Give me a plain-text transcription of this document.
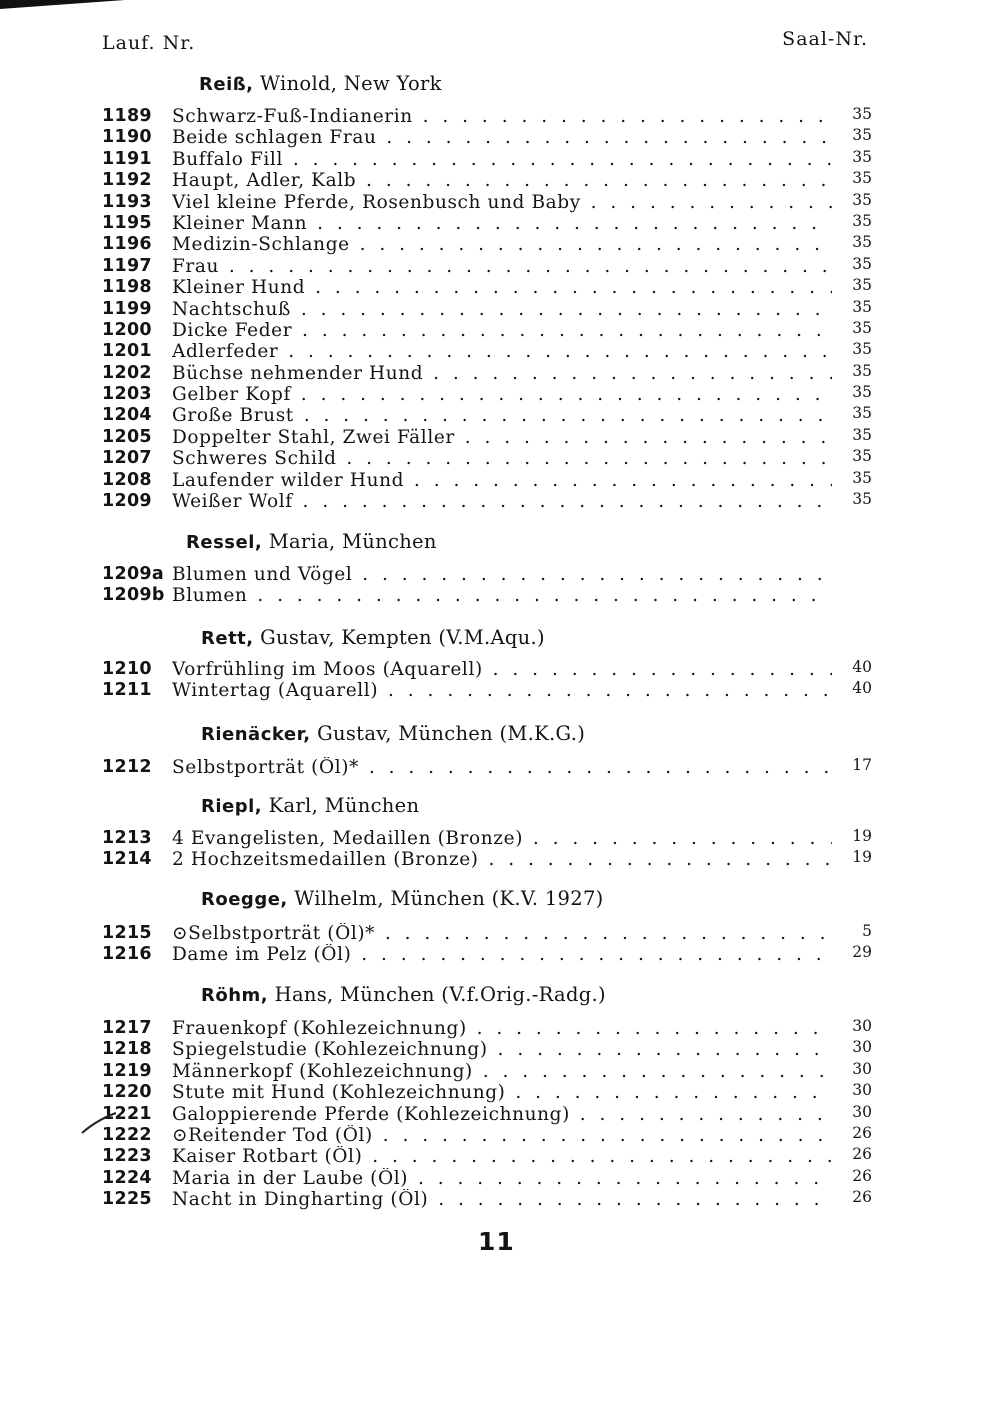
Lauf. Nr.	Saal-Nr.
Reiß, Winold, New York
1189 Schwarz-Fuß-Indianerin . . .	35
1190 Beide schlagen Frau . . .	35
1191 Buffalo Fill . . .	35
1192 Haupt, Adler, Kalb . . .	35
1193 Viel kleine Pferde, Rosenbusch und Baby . . .	35
1195 Kleiner Mann . . .	35
1196 Medizin-Schlange . . .	35
1197 Frau . . .	35
1198 Kleiner Hund . . .	35
1199 Nachtschuß . . .	35
1200 Dicke Feder . . .	35
1201 Adlerfeder . . .	35
1202 Büchse nehmender Hund . . .	35
1203 Gelber Kopf . . .	35
1204 Große Brust . . .	35
1205 Doppelter Stahl, Zwei Fäller . . .	35
1207 Schweres Schild . . .	35
1208 Laufender wilder Hund . . .	35
1209 Weißer Wolf . . .	35
Ressel, Maria, München
1209a Blumen und Vögel . . .
1209b Blumen . . .
Rett, Gustav, Kempten (V.M.Aqu.)
1210 Vorfrühling im Moos (Aquarell) . . .	40
1211 Wintertag (Aquarell) . . .	40
Rienäcker, Gustav, München (M.K.G.)
1212 Selbstporträt (Öl)* . . .	17
Riepl, Karl, München
1213 4 Evangelisten, Medaillen (Bronze) . . .	19
1214 2 Hochzeitsmedaillen (Bronze) . . .	19
Roegge, Wilhelm, München (K.V. 1927)
1215 ⊙Selbstporträt (Öl)* . . .	5
1216 Dame im Pelz (Öl) . . .	29
Röhm, Hans, München (V.f.Orig.-Radg.)
1217 Frauenkopf (Kohlezeichnung) . . .	30
1218 Spiegelstudie (Kohlezeichnung) . . .	30
1219 Männerkopf (Kohlezeichnung) . . .	30
1220 Stute mit Hund (Kohlezeichnung) . . .	30
1221 Galoppierende Pferde (Kohlezeichnung) . . .	30
1222 ⊙Reitender Tod (Öl) . . .	26
1223 Kaiser Rotbart (Öl) . . .	26
1224 Maria in der Laube (Öl) . . .	26
1225 Nacht in Dingharting (Öl) . . .	26
11
